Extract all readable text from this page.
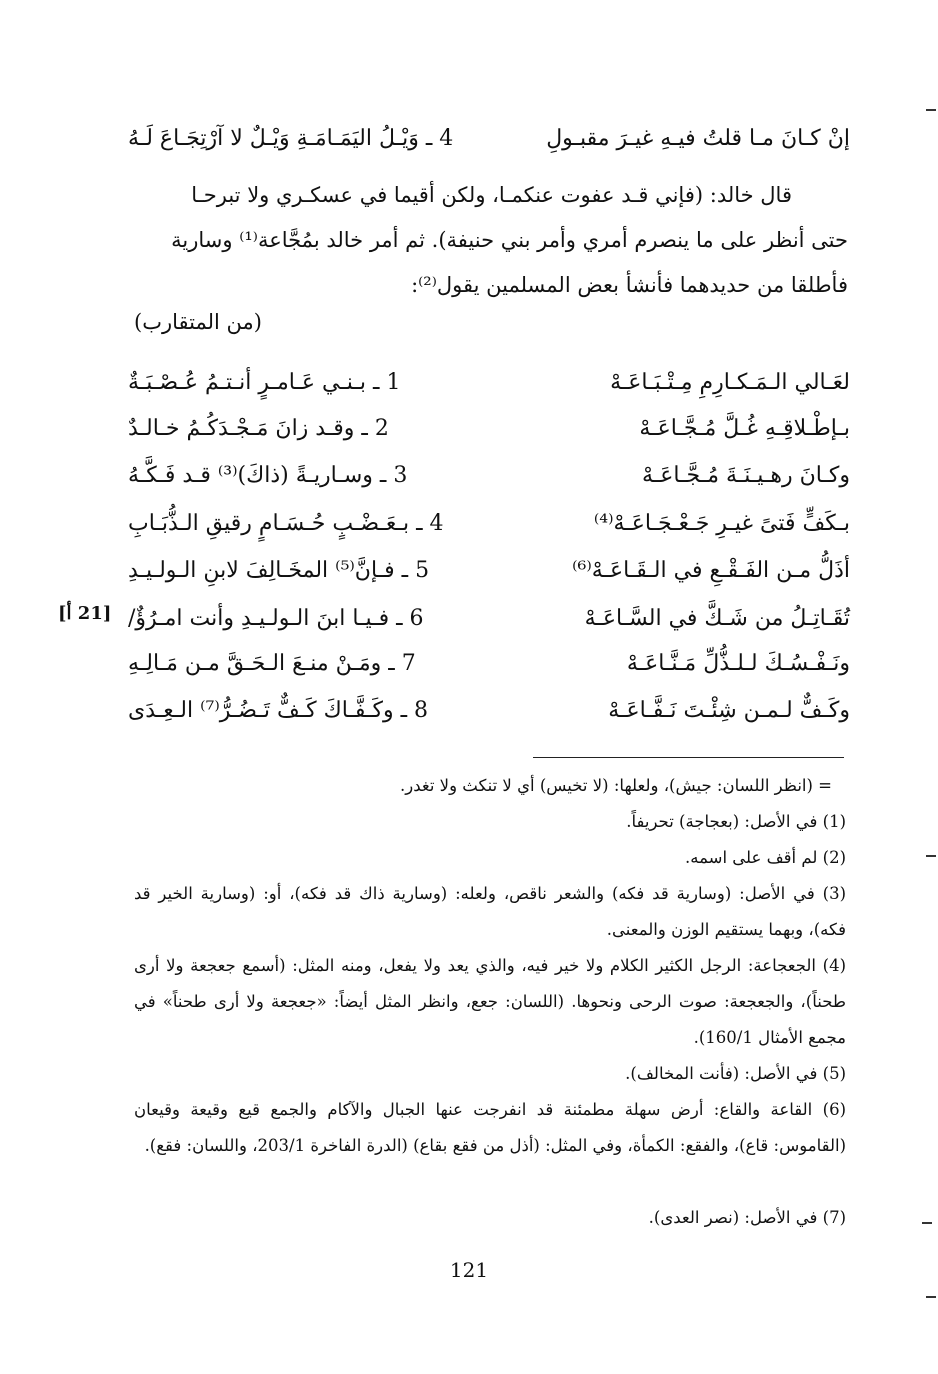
4 ـ وَيْـلُ اليَمَـامَـةِ وَيْـلٌ لا آرْتِجَـاعَ لَـهُ	إنْ كـانَ مـا قلتُ فيـهِ غيـرَ مقبـولِ
قال خالد: (فإني قـد عفوت عنكمـا، ولكن أقيما في عسكـري ولا تبرحـا
حتى أنظر على ما ينصرم أمري وأمر بني حنيفة). ثم أمر خالد بمُجَّاعة⁽¹⁾ وسارية
فأطلقا من حديدهما فأنشأ بعض المسلمين يقول⁽²⁾:
(من المتقارب)
1 ـ بـنـي عَـامـرٍ أنـتـمُ عُـصْـبَـةٌ	لعَـالي الـمَـكـارِمِ مِـتْـبَـاعَـهْ
2 ـ وقـد زانَ مَـجْـدَكُـمُ خـالـدٌ	بـإطْـلاقِـهِ غُـلَّ مُـجَّـاعَـهْ
3 ـ وسـاريـةً (ذاكَ)⁽³⁾ قـد فَـكَّـهُ	وكـانَ رهـيـنَـةَ مُـجَّـاعَـهْ
4 ـ بـعَـضْـبٍ حُـسَـامٍ رقيقِ الـذُّبَـابِ	بـكَفٍّ فَتىً غيـرِ جَـعْـجَـاعَـهْ⁽⁴⁾
5 ـ فـإنَّ⁽⁵⁾ المخَـالِفَ لابنِ الـولـيـدِ	أذَلُّ مـن الفَـقْـعِ في الـقَـاعَـهْ⁽⁶⁾
6 ـ فـيـا ابنَ الـولـيـدِ وأنت امـرُؤٌ/	تُقَـاتِـلُ من شَـكَّ في السَّـاعَـهْ
7 ـ ومَـنْ منـعَ الـحَـقَّ مـن مَـالِـهِ	ونَـفْـسُـكَ لـلـذُّلِّ مَـنَّـاعَـهْ
8 ـ وكَـفَّـاكَ كَـفٌّ تَـضُـرُّ⁽⁷⁾ الـعِـدَى	وكَـفٌّ لـمـن شِئْـتَ نَـفَّـاعَـهْ
[21 أ]
= (انظر اللسان: جيش)، ولعلها: (لا تخيس) أي لا تنكث ولا تغدر.
(1) في الأصل: (بعجاجة) تحريفاً.
(2) لم أقف على اسمه.
(3) في الأصل: (وسارية قد فكه) والشعر ناقص، ولعله: (وسارية ذاك قد فكه)، أو: (وسارية الخير قد فكه)، وبهما يستقيم الوزن والمعنى.
(4) الجعجاعة: الرجل الكثير الكلام ولا خير فيه، والذي يعد ولا يفعل، ومنه المثل: (أسمع جعجعة ولا أرى طحناً)، والجعجعة: صوت الرحى ونحوها. (اللسان: جعع، وانظر المثل أيضاً: «جعجعة ولا أرى طحناً» في مجمع الأمثال 160/1).
(5) في الأصل: (فأنت المخالف).
(6) القاعة والقاع: أرض سهلة مطمئنة قد انفرجت عنها الجبال والآكام والجمع قيع وقيعة وقيعان (القاموس: قاع)، والفقع: الكمأة، وفي المثل: (أذل من فقع بقاع) (الدرة الفاخرة 203/1، واللسان: فقع).
(7) في الأصل: (نصر العدى).
121
